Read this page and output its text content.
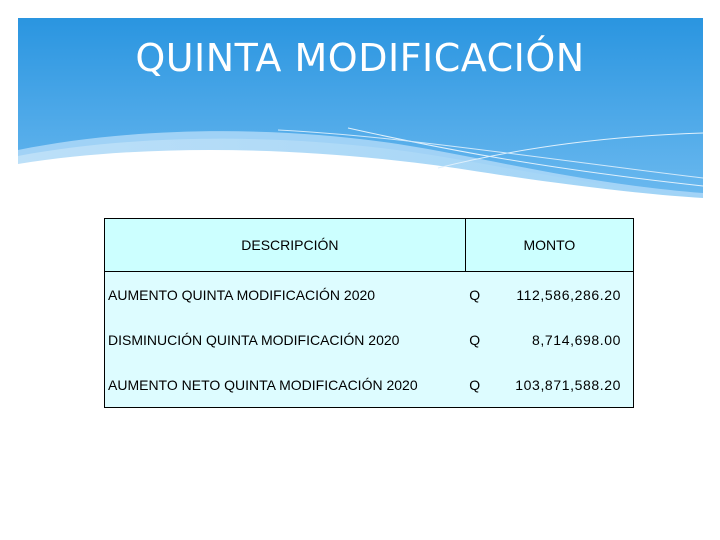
QUINTA MODIFICACIÓN
DESCRIPCIÓN	MONTO	
AUMENTO QUINTA MODIFICACIÓN 2020	Q	112,586,286.20
DISMINUCIÓN QUINTA MODIFICACIÓN 2020	Q	8,714,698.00
AUMENTO NETO QUINTA MODIFICACIÓN 2020	Q	103,871,588.20
